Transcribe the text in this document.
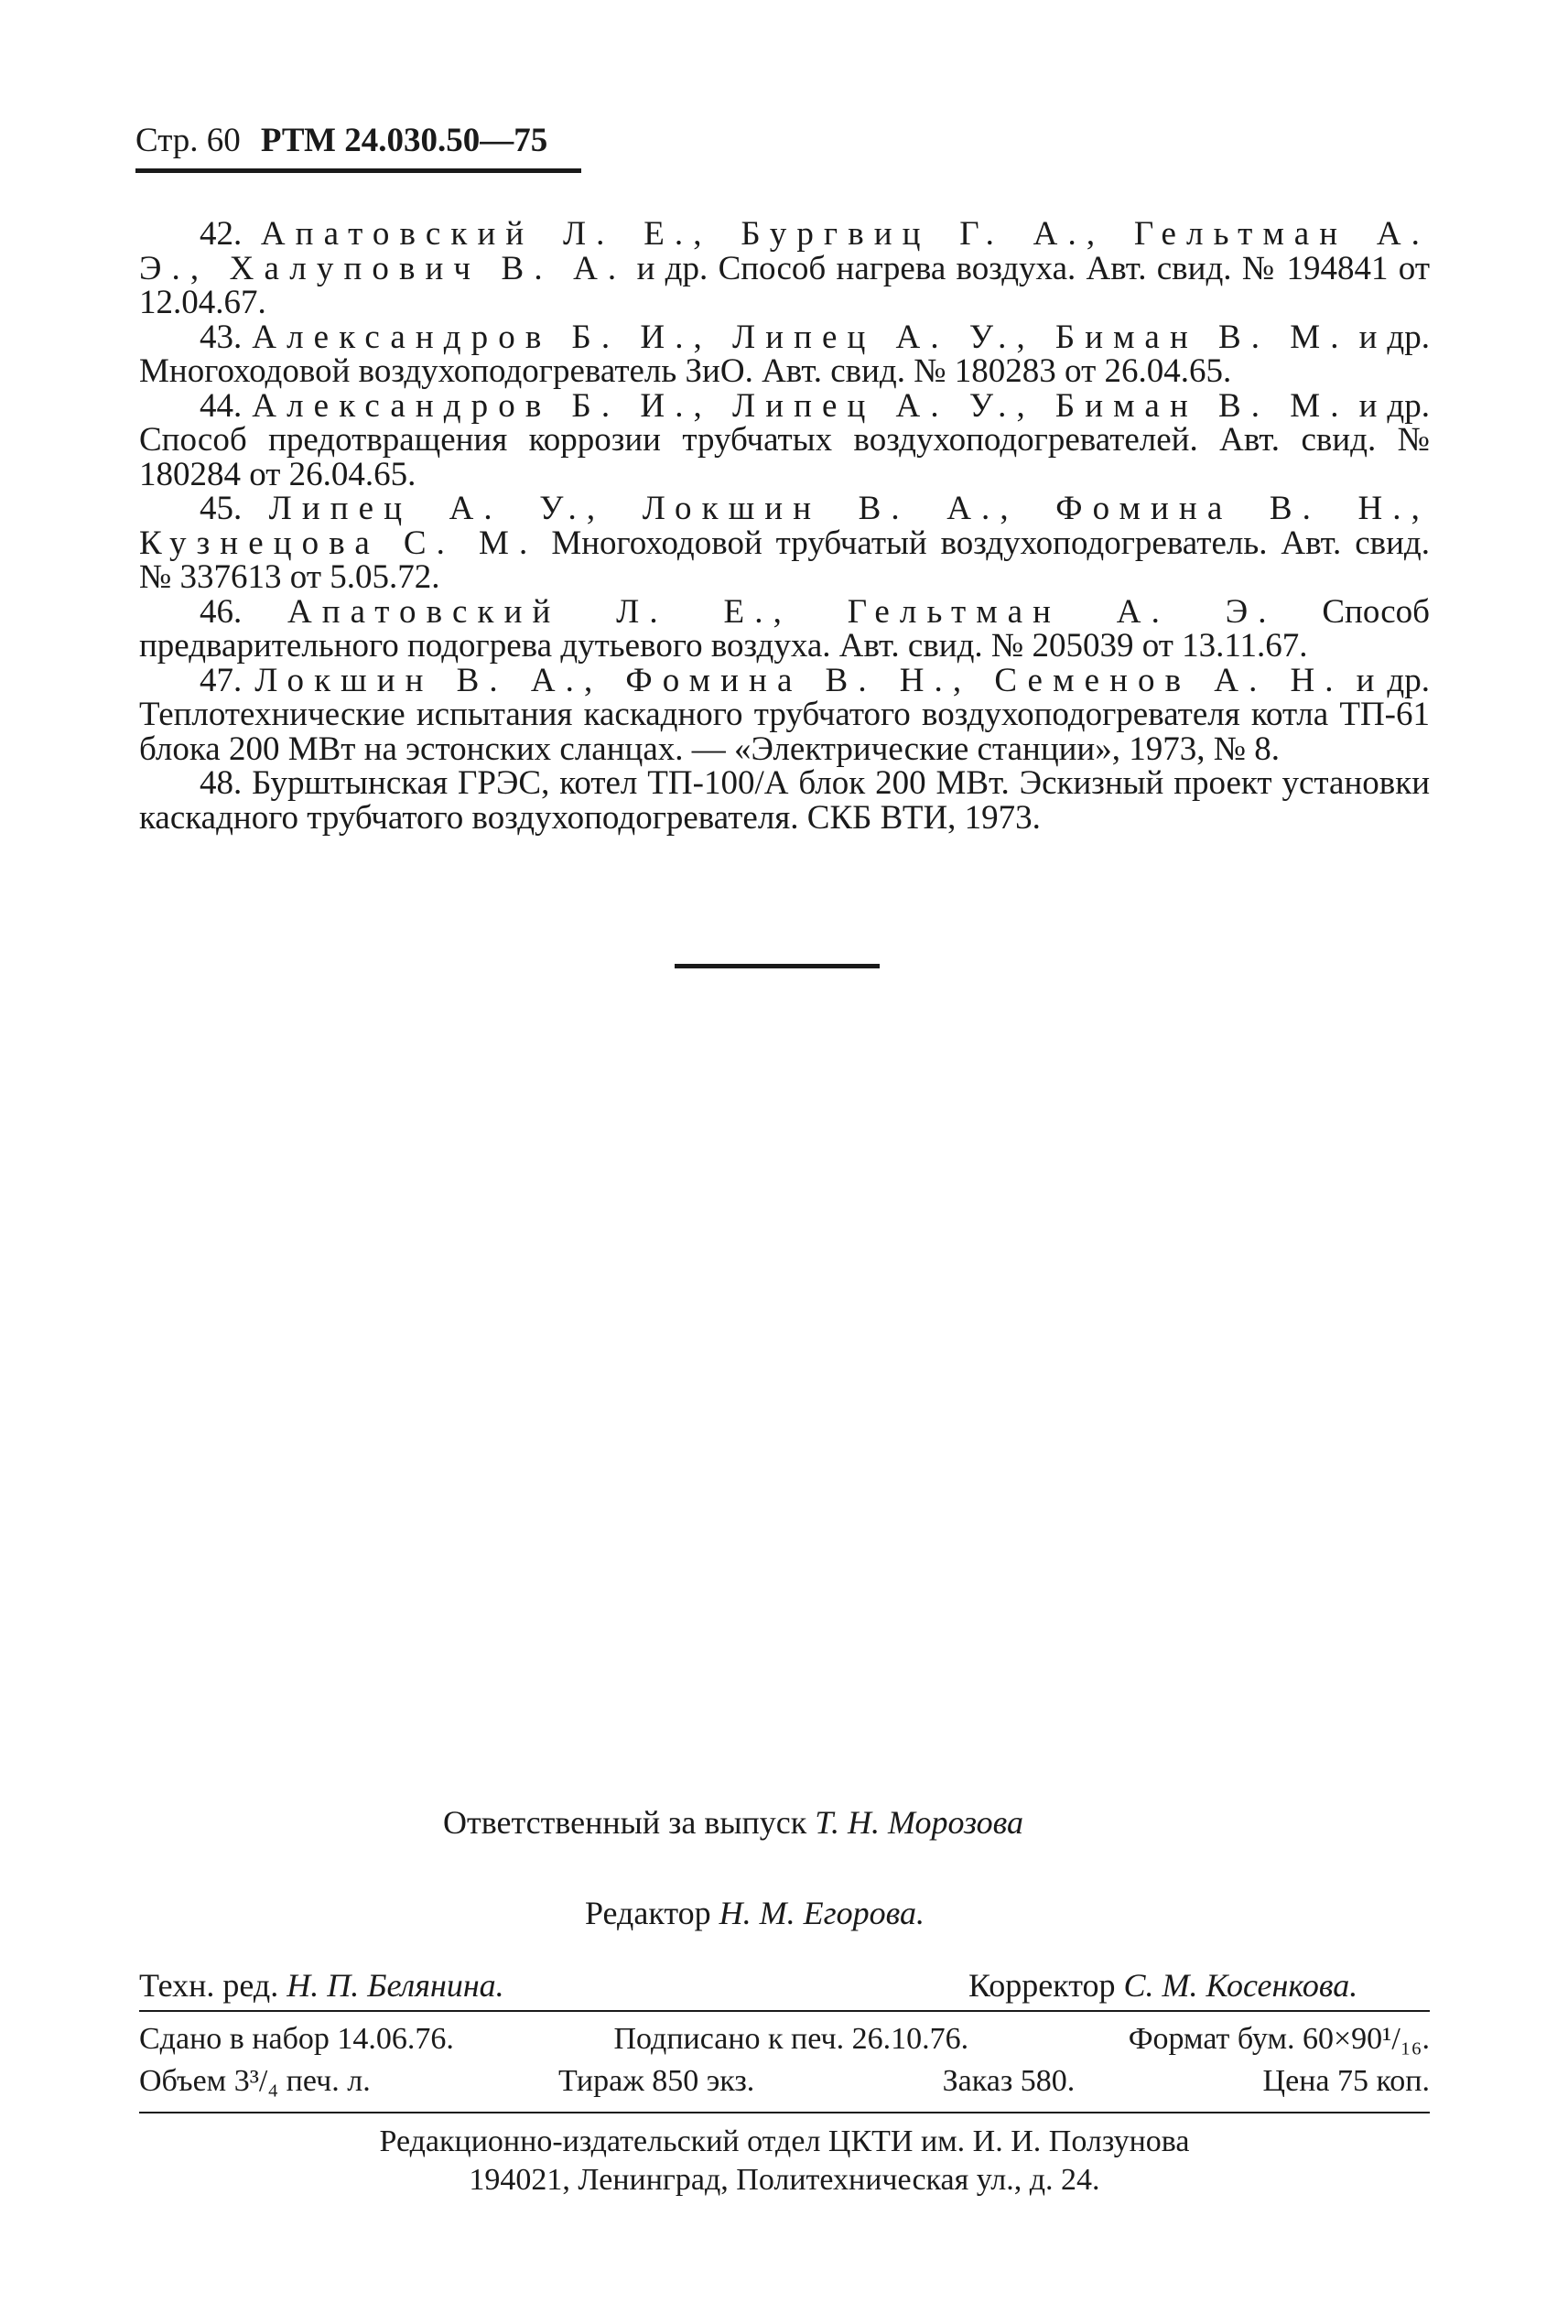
Стр. 60 РТМ 24.030.50—75

42. Апатовский Л. Е., Бургвиц Г. А., Гельтман А. Э., Халупович В. А. и др. Способ нагрева воздуха. Авт. свид. № 194841 от 12.04.67.

43. Александров Б. И., Липец А. У., Биман В. М. и др. Многоходовой воздухоподогреватель ЗиО. Авт. свид. № 180283 от 26.04.65.

44. Александров Б. И., Липец А. У., Биман В. М. и др. Способ предотвращения коррозии трубчатых воздухоподогревателей. Авт. свид. № 180284 от 26.04.65.

45. Липец А. У., Локшин В. А., Фомина В. Н., Кузнецова С. М. Многоходовой трубчатый воздухоподогреватель. Авт. свид. № 337613 от 5.05.72.

46. Апатовский Л. Е., Гельтман А. Э. Способ предварительного подогрева дутьевого воздуха. Авт. свид. № 205039 от 13.11.67.

47. Локшин В. А., Фомина В. Н., Семенов А. Н. и др. Теплотехнические испытания каскадного трубчатого воздухоподогревателя котла ТП-61 блока 200 МВт на эстонских сланцах. — «Электрические станции», 1973, № 8.

48. Бурштынская ГРЭС, котел ТП-100/А блок 200 МВт. Эскизный проект установки каскадного трубчатого воздухоподогревателя. СКБ ВТИ, 1973.

Ответственный за выпуск Т. Н. Морозова
Редактор Н. М. Егорова.
Техн. ред. Н. П. Белянина.	Корректор С. М. Косенкова.
Сдано в набор 14.06.76.	Подписано к печ. 26.10.76.	Формат бум. 60×90¹/₁₆.
Объем 3³/₄ печ. л.	Тираж 850 экз.	Заказ 580.	Цена 75 коп.
Редакционно-издательский отдел ЦКТИ им. И. И. Ползунова
194021, Ленинград, Политехническая ул., д. 24.
